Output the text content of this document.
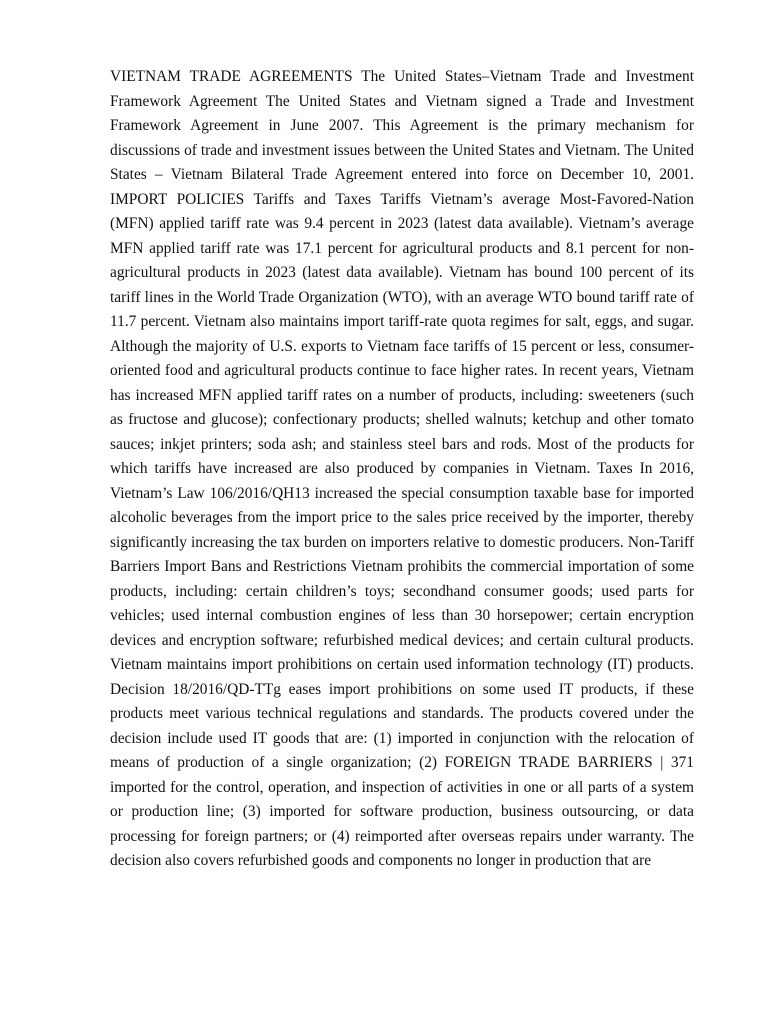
VIETNAM TRADE AGREEMENTS The United States–Vietnam Trade and Investment Framework Agreement The United States and Vietnam signed a Trade and Investment Framework Agreement in June 2007. This Agreement is the primary mechanism for discussions of trade and investment issues between the United States and Vietnam. The United States – Vietnam Bilateral Trade Agreement entered into force on December 10, 2001. IMPORT POLICIES Tariffs and Taxes Tariffs Vietnam’s average Most-Favored-Nation (MFN) applied tariff rate was 9.4 percent in 2023 (latest data available). Vietnam’s average MFN applied tariff rate was 17.1 percent for agricultural products and 8.1 percent for non-agricultural products in 2023 (latest data available). Vietnam has bound 100 percent of its tariff lines in the World Trade Organization (WTO), with an average WTO bound tariff rate of 11.7 percent. Vietnam also maintains import tariff-rate quota regimes for salt, eggs, and sugar. Although the majority of U.S. exports to Vietnam face tariffs of 15 percent or less, consumer-oriented food and agricultural products continue to face higher rates. In recent years, Vietnam has increased MFN applied tariff rates on a number of products, including: sweeteners (such as fructose and glucose); confectionary products; shelled walnuts; ketchup and other tomato sauces; inkjet printers; soda ash; and stainless steel bars and rods. Most of the products for which tariffs have increased are also produced by companies in Vietnam. Taxes In 2016, Vietnam’s Law 106/2016/QH13 increased the special consumption taxable base for imported alcoholic beverages from the import price to the sales price received by the importer, thereby significantly increasing the tax burden on importers relative to domestic producers. Non-Tariff Barriers Import Bans and Restrictions Vietnam prohibits the commercial importation of some products, including: certain children’s toys; secondhand consumer goods; used parts for vehicles; used internal combustion engines of less than 30 horsepower; certain encryption devices and encryption software; refurbished medical devices; and certain cultural products. Vietnam maintains import prohibitions on certain used information technology (IT) products. Decision 18/2016/QD-TTg eases import prohibitions on some used IT products, if these products meet various technical regulations and standards. The products covered under the decision include used IT goods that are: (1) imported in conjunction with the relocation of means of production of a single organization; (2) FOREIGN TRADE BARRIERS | 371 imported for the control, operation, and inspection of activities in one or all parts of a system or production line; (3) imported for software production, business outsourcing, or data processing for foreign partners; or (4) reimported after overseas repairs under warranty. The decision also covers refurbished goods and components no longer in production that are
